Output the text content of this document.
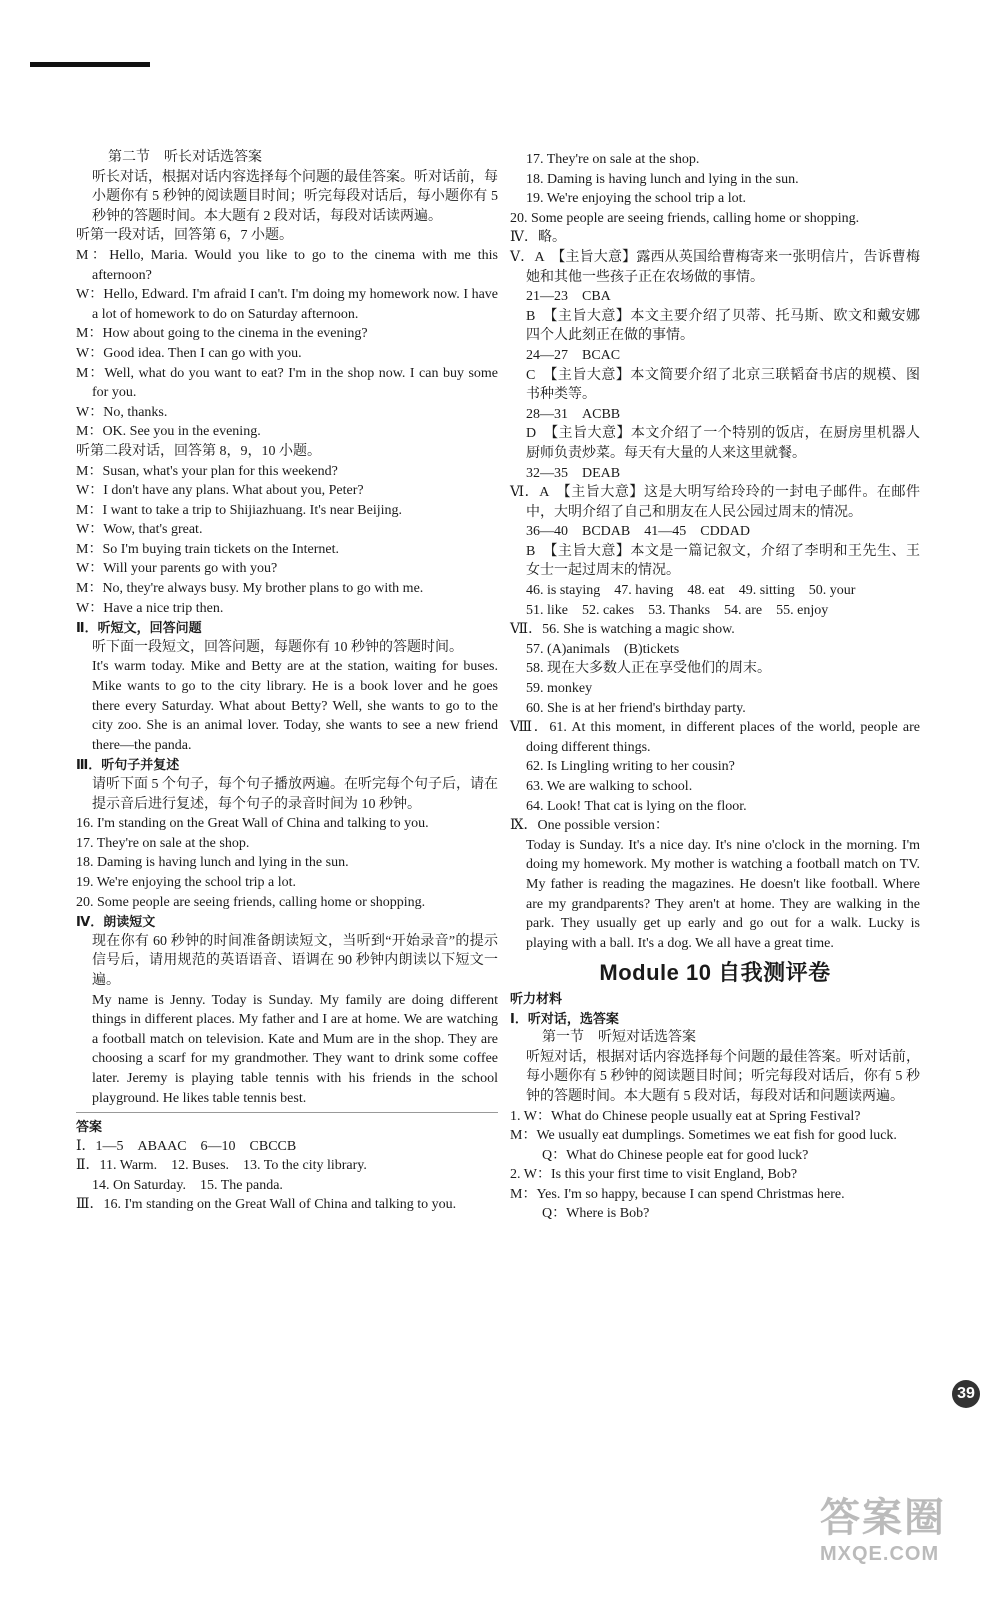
第二节　听长对话选答案

听长对话，根据对话内容选择每个问题的最佳答案。听对话前，每小题你有 5 秒钟的阅读题目时间；听完每段对话后，每小题你有 5 秒钟的答题时间。本大题有 2 段对话，每段对话读两遍。

听第一段对话，回答第 6，7 小题。

M：Hello, Maria. Would you like to go to the cinema with me this afternoon?

W：Hello, Edward. I'm afraid I can't. I'm doing my homework now. I have a lot of homework to do on Saturday afternoon.

M：How about going to the cinema in the evening?

W：Good idea. Then I can go with you.

M：Well, what do you want to eat? I'm in the shop now. I can buy some for you.

W：No, thanks.

M：OK. See you in the evening.

听第二段对话，回答第 8，9，10 小题。

M：Susan, what's your plan for this weekend?

W：I don't have any plans. What about you, Peter?

M：I want to take a trip to Shijiazhuang. It's near Beijing.

W：Wow, that's great.

M：So I'm buying train tickets on the Internet.

W：Will your parents go with you?

M：No, they're always busy. My brother plans to go with me.

W：Have a nice trip then.

Ⅱ．听短文，回答问题

听下面一段短文，回答问题，每题你有 10 秒钟的答题时间。

It's warm today. Mike and Betty are at the station, waiting for buses. Mike wants to go to the city library. He is a book lover and he goes there every Saturday. What about Betty? Well, she wants to go to the city zoo. She is an animal lover. Today, she wants to see a new friend there—the panda.

Ⅲ．听句子并复述

请听下面 5 个句子，每个句子播放两遍。在听完每个句子后，请在提示音后进行复述，每个句子的录音时间为 10 秒钟。

16. I'm standing on the Great Wall of China and talking to you.

17. They're on sale at the shop.

18. Daming is having lunch and lying in the sun.

19. We're enjoying the school trip a lot.

20. Some people are seeing friends, calling home or shopping.

Ⅳ．朗读短文

现在你有 60 秒钟的时间准备朗读短文，当听到“开始录音”的提示信号后，请用规范的英语语音、语调在 90 秒钟内朗读以下短文一遍。

My name is Jenny. Today is Sunday. My family are doing different things in different places. My father and I are at home. We are watching a football match on television. Kate and Mum are in the shop. They are choosing a scarf for my grandmother. They want to drink some coffee later. Jeremy is playing table tennis with his friends in the school playground. He likes table tennis best.

答案

Ⅰ．1—5　ABAAC　6—10　CBCCB

Ⅱ．11. Warm.　12. Buses.　13. To the city library.

14. On Saturday.　15. The panda.

Ⅲ．16. I'm standing on the Great Wall of China and talking to you.

17. They're on sale at the shop.

18. Daming is having lunch and lying in the sun.

19. We're enjoying the school trip a lot.

20. Some people are seeing friends, calling home or shopping.

Ⅳ．略。

Ⅴ．A　【主旨大意】露西从英国给曹梅寄来一张明信片，告诉曹梅她和其他一些孩子正在农场做的事情。

21—23　CBA

B　【主旨大意】本文主要介绍了贝蒂、托马斯、欧文和戴安娜四个人此刻正在做的事情。

24—27　BCAC

C　【主旨大意】本文简要介绍了北京三联韬奋书店的规模、图书种类等。

28—31　ACBB

D　【主旨大意】本文介绍了一个特别的饭店，在厨房里机器人厨师负责炒菜。每天有大量的人来这里就餐。

32—35　DEAB

Ⅵ．A　【主旨大意】这是大明写给玲玲的一封电子邮件。在邮件中，大明介绍了自己和朋友在人民公园过周末的情况。

36—40　BCDAB　41—45　CDDAD

B　【主旨大意】本文是一篇记叙文，介绍了李明和王先生、王女士一起过周末的情况。

46. is staying　47. having　48. eat　49. sitting　50. your

51. like　52. cakes　53. Thanks　54. are　55. enjoy

Ⅶ．56. She is watching a magic show.

57. (A)animals　(B)tickets

58. 现在大多数人正在享受他们的周末。

59. monkey

60. She is at her friend's birthday party.

Ⅷ．61. At this moment, in different places of the world, people are doing different things.

62. Is Lingling writing to her cousin?

63. We are walking to school.

64. Look! That cat is lying on the floor.

Ⅸ．One possible version：

Today is Sunday. It's a nice day. It's nine o'clock in the morning. I'm doing my homework. My mother is watching a football match on TV. My father is reading the magazines. He doesn't like football. Where are my grandparents? They aren't at home. They are walking in the park. They usually get up early and go out for a walk. Lucky is playing with a ball. It's a dog. We all have a great time.

Module 10 自我测评卷

听力材料

Ⅰ．听对话，选答案

第一节　听短对话选答案

听短对话，根据对话内容选择每个问题的最佳答案。听对话前，每小题你有 5 秒钟的阅读题目时间；听完每段对话后，你有 5 秒钟的答题时间。本大题有 5 段对话，每段对话和问题读两遍。

1. W：What do Chinese people usually eat at Spring Festival?

M：We usually eat dumplings. Sometimes we eat fish for good luck.

Q：What do Chinese people eat for good luck?

2. W：Is this your first time to visit England, Bob?

M：Yes. I'm so happy, because I can spend Christmas here.

Q：Where is Bob?

39
答案圈
MXQE.COM
